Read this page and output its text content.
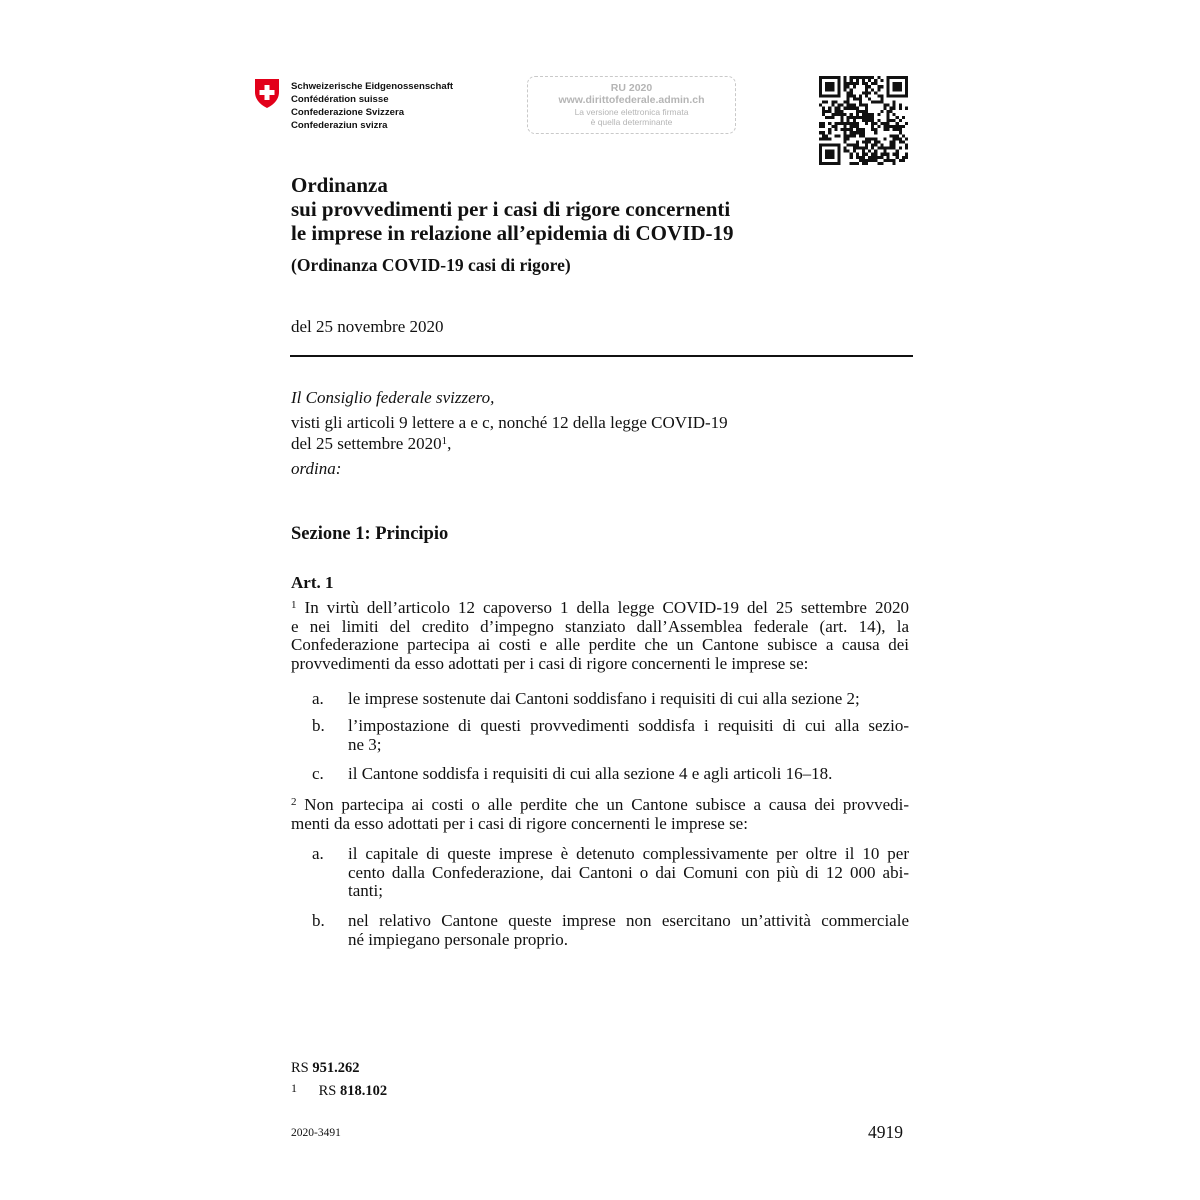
Schweizerische Eidgenossenschaft
Confédération suisse
Confederazione Svizzera
Confederaziun svizra
RU 2020
www.dirittofederale.admin.ch
La versione elettronica firmata
è quella determinante
Ordinanza
sui provvedimenti per i casi di rigore concernenti
le imprese in relazione all’epidemia di COVID-19
(Ordinanza COVID-19 casi di rigore)
del 25 novembre 2020
Il Consiglio federale svizzero,
visti gli articoli 9 lettere a e c, nonché 12 della legge COVID-19
del 25 settembre 2020$^1$,
ordina:
Sezione 1: Principio
Art. 1
$^1$ In virtù dell’articolo 12 capoverso 1 della legge COVID-19 del 25 settembre 2020
e nei limiti del credito d’impegno stanziato dall’Assemblea federale (art. 14), la
Confederazione partecipa ai costi e alle perdite che un Cantone subisce a causa dei
provvedimenti da esso adottati per i casi di rigore concernenti le imprese se:
a. le imprese sostenute dai Cantoni soddisfano i requisiti di cui alla sezione 2;
b. l’impostazione di questi provvedimenti soddisfa i requisiti di cui alla sezio-
ne 3;
c. il Cantone soddisfa i requisiti di cui alla sezione 4 e agli articoli 16–18.
$^2$ Non partecipa ai costi o alle perdite che un Cantone subisce a causa dei provvedi-
menti da esso adottati per i casi di rigore concernenti le imprese se:
a. il capitale di queste imprese è detenuto complessivamente per oltre il 10 per
cento dalla Confederazione, dai Cantoni o dai Comuni con più di 12 000 abi-
tanti;
b. nel relativo Cantone queste imprese non esercitano un’attività commerciale
né impiegano personale proprio.
RS 951.262
$^1$ RS 818.102
2020-3491	4919
